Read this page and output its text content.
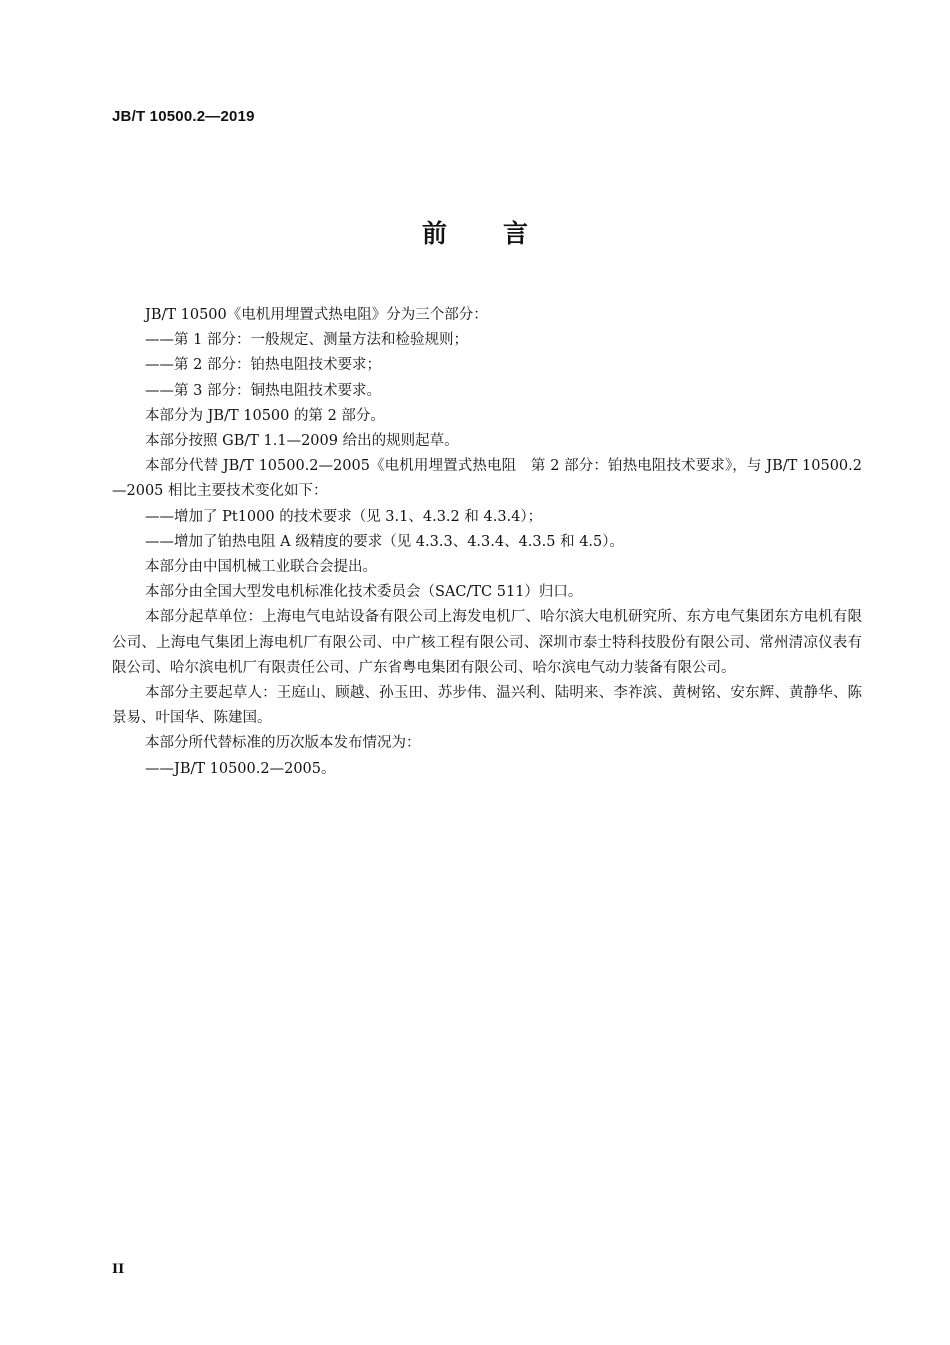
JB/T 10500.2—2019
前言

JB/T 10500《电机用埋置式热电阻》分为三个部分：

——第 1 部分：一般规定、测量方法和检验规则；

——第 2 部分：铂热电阻技术要求；

——第 3 部分：铜热电阻技术要求。

本部分为 JB/T 10500 的第 2 部分。

本部分按照 GB/T 1.1—2009 给出的规则起草。

本部分代替 JB/T 10500.2—2005《电机用埋置式热电阻　第 2 部分：铂热电阻技术要求》，与 JB/T 10500.2—2005 相比主要技术变化如下：

——增加了 Pt1000 的技术要求（见 3.1、4.3.2 和 4.3.4）；

——增加了铂热电阻 A 级精度的要求（见 4.3.3、4.3.4、4.3.5 和 4.5）。

本部分由中国机械工业联合会提出。

本部分由全国大型发电机标准化技术委员会（SAC/TC 511）归口。

本部分起草单位：上海电气电站设备有限公司上海发电机厂、哈尔滨大电机研究所、东方电气集团东方电机有限公司、上海电气集团上海电机厂有限公司、中广核工程有限公司、深圳市泰士特科技股份有限公司、常州清凉仪表有限公司、哈尔滨电机厂有限责任公司、广东省粤电集团有限公司、哈尔滨电气动力装备有限公司。

本部分主要起草人：王庭山、顾越、孙玉田、苏步伟、温兴利、陆明来、李祚滨、黄树铭、安东辉、黄静华、陈景易、叶国华、陈建国。

本部分所代替标准的历次版本发布情况为：

——JB/T 10500.2—2005。

II
